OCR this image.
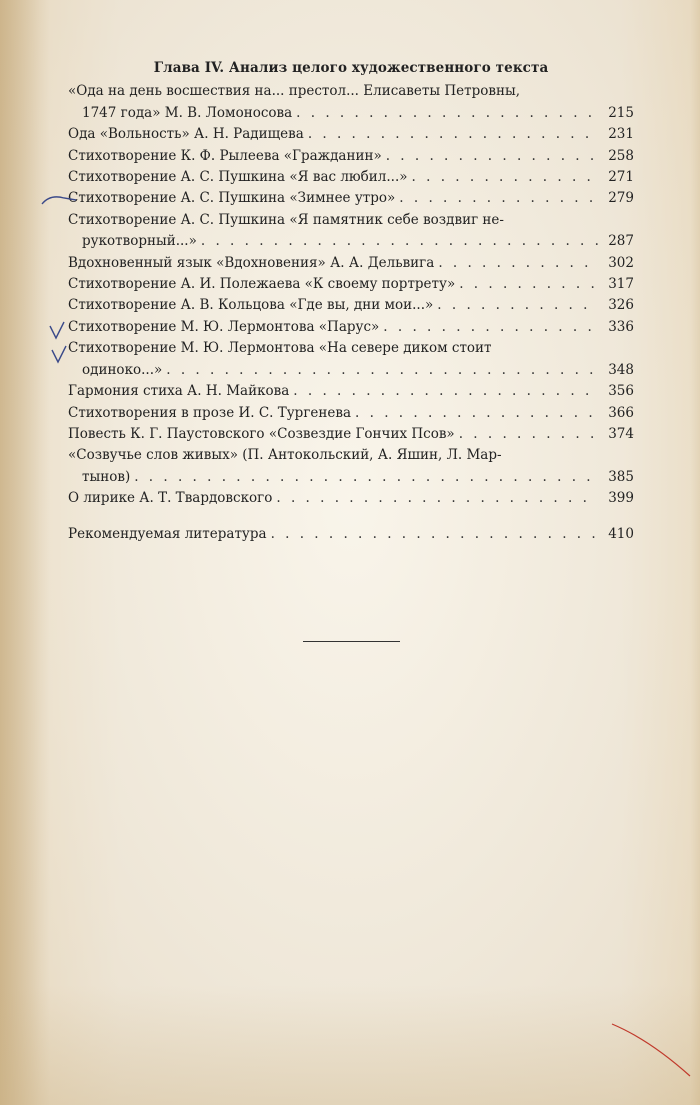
Глава IV. Анализ целого художественного текста
«Ода на день восшествия на... престол... Елисаветы Петровны,
1747 года» М. В. Ломоносова . . .	215
Ода «Вольность» А. Н. Радищева . . .	231
Стихотворение К. Ф. Рылеева «Гражданин» . . .	258
Стихотворение А. С. Пушкина «Я вас любил...» . . .	271
Стихотворение А. С. Пушкина «Зимнее утро» . . .	279
Стихотворение А. С. Пушкина «Я памятник себе воздвиг не-
рукотворный...» . . .	287
Вдохновенный язык «Вдохновения» А. А. Дельвига . . .	302
Стихотворение А. И. Полежаева «К своему портрету» . . .	317
Стихотворение А. В. Кольцова «Где вы, дни мои...» . . .	326
Стихотворение М. Ю. Лермонтова «Парус» . . .	336
Стихотворение М. Ю. Лермонтова «На севере диком стоит
одиноко...» . . .	348
Гармония стиха А. Н. Майкова . . .	356
Стихотворения в прозе И. С. Тургенева . . .	366
Повесть К. Г. Паустовского «Созвездие Гончих Псов» . . .	374
«Созвучье слов живых» (П. Антокольский, А. Яшин, Л. Мар-
тынов) . . .	385
О лирике А. Т. Твардовского . . .	399
Рекомендуемая литература . . .	410
